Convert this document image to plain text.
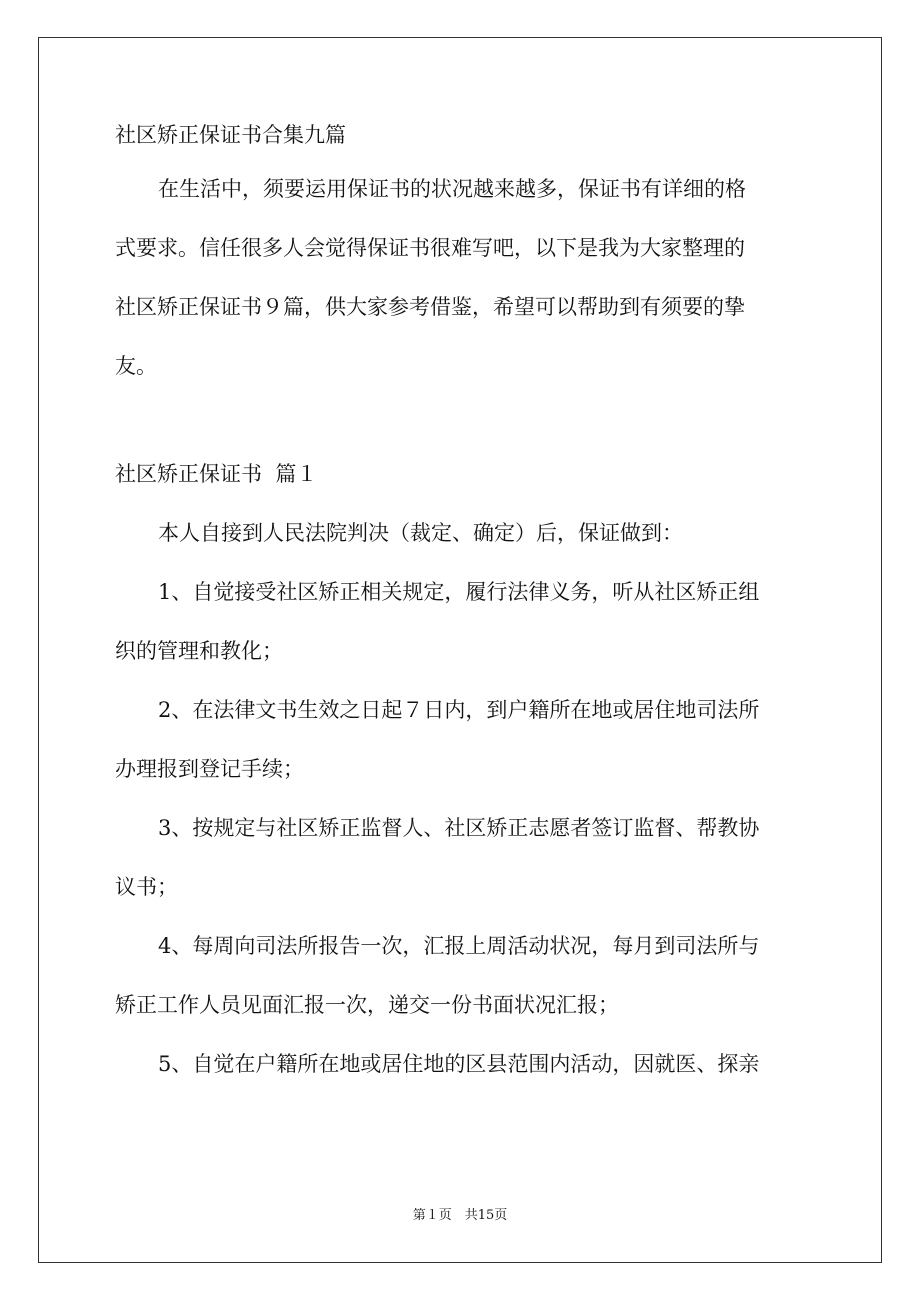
社区矫正保证书合集九篇

在生活中，须要运用保证书的状况越来越多，保证书有详细的格

式要求。信任很多人会觉得保证书很难写吧，以下是我为大家整理的

社区矫正保证书９篇，供大家参考借鉴，希望可以帮助到有须要的挚

友。

社区矫正保证书  篇１

本人自接到人民法院判决（裁定、确定）后，保证做到：

1、自觉接受社区矫正相关规定，履行法律义务，听从社区矫正组

织的管理和教化；

2、在法律文书生效之日起７日内，到户籍所在地或居住地司法所

办理报到登记手续；

3、按规定与社区矫正监督人、社区矫正志愿者签订监督、帮教协

议书；

4、每周向司法所报告一次，汇报上周活动状况，每月到司法所与

矫正工作人员见面汇报一次，递交一份书面状况汇报；

5、自觉在户籍所在地或居住地的区县范围内活动，因就医、探亲

第１页　共15页
